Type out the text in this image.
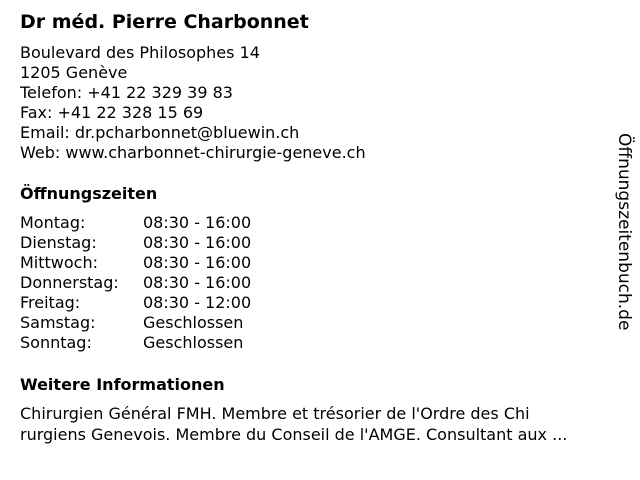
Dr méd. Pierre Charbonnet
Boulevard des Philosophes 14
1205 Genève
Telefon: +41 22 329 39 83
Fax: +41 22 328 15 69
Email: dr.pcharbonnet@bluewin.ch
Web: www.charbonnet-chirurgie-geneve.ch
Öffnungszeiten
Montag:	08:30 - 16:00
Dienstag:	08:30 - 16:00
Mittwoch:	08:30 - 16:00
Donnerstag: 08:30 - 16:00
Freitag:	08:30 - 12:00
Samstag:	Geschlossen
Sonntag:	Geschlossen
Weitere Informationen
Chirurgien Général FMH. Membre et trésorier de l'Ordre des Chi
rurgiens Genevois. Membre du Conseil de l'AMGE. Consultant aux ...
Öffnungszeitenbuch.de
